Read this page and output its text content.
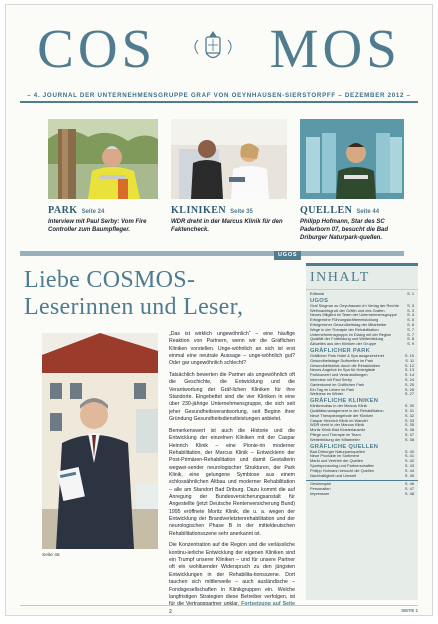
COS MOS
– 4. JOURNAL DER UNTERNEHMENSGRUPPE GRAF VON OEYNHAUSEN-SIERSTORPFF – DEZEMBER 2012 –
PARK Seite 24
Interview mit Paul Serby: Vom Fire Controller zum Baumpfleger.
KLINIKEN Seite 35
WDR dreht in der Marcus Klinik für den Faktencheck.
QUELLEN Seite 44
Philipp Hofmann, Star des SC Paderborn 07, besucht die Bad Driburger Naturpark-quellen.
UGOS
Liebe COSMOS-Leserinnen und Leser,
Seite 4ä

„Das ist wirklich ungewöhnlich“ – eine häufige Reaktion von Partnern, wenn wir die Gräflichen Kliniken vorstellen. Unge-wöhnlich an sich ist erst einmal eine neutrale Aussage – unge-wöhnlich gut? Oder gar ungewöhnlich schlecht?

Tatsächlich bewerten die Partner als ungewöhnlich oft die Geschichte, die Entwicklung und die Verantwortung der Gräf-lichen Kliniken für ihre Standorte. Eingebettet sind die vier Kliniken in eine über 230-jährige Unternehmensgruppe, die sich seit jeher Gesundheitsverantwortung, seit Beginn ihrer Gründung Gesundheitsdienstleistungen anbietet.

Bemerkenswert ist auch die Historie und die Entwicklung der einzelnen Kliniken mit der Caspar Heinrich Klinik – eine Pionie-rin moderner Rehabilitation, der Marcus Klinik – Entwicklerin der Post-Primären-Rehabilitation und damit Gestalterin wegwei-sender neurologischer Strukturen, der Park Klinik, eine gelungene Symbiose aus einem schlossähnlichen Altbau und moderner Rehabilitation – alle am Standort Bad Driburg. Dazu kommt die auf Anregung der Bundesversicherungsanstalt für Angestellte (jetzt Deutsche Rentenversicherung Bund) 1995 eröffnete Moritz Klinik, die u. a. wegen der Entwicklung der Brandverletztenrehabilitation und der neurologischen Phase B in der mitteldeutschen Rehabilitationsszene sehr anerkannt ist.

Die Konzentration auf die Region und die verlässliche kontinu-ierliche Entwicklung der eigenen Kliniken sind ein Trumpf unserer Kliniken – und für unsere Partner oft ein wohltuender Widerspruch zu den jüngsten Entwicklungen in der Rehabilita-tionsszene. Dort tauchen sich mittlerweile – auch ausländische – Fondsgesellschaften in Klinikgruppen ein. Welche langfristigen Strategien diese Betreiber verfolgen, ist für die Vertragspartner unklar. Fortsetzung auf Seite 2

INHALT
Editorial	S. 1
UGOS
Graf Siegmar zu Oeynhausen im Verlag der Rechte S. 3
Weihnachtsgruß der Gräfin und des Grafen	S. 3
Neues Mitglied im Team der Unternehmensgruppe	S. 4
Erfolgreiche Führungskräfteentwicklung	S. 5
Erfolgreicher Gesundheitstag der Mitarbeiter	S. 6
Wege in der Therapie der Rehabilitation	S. 7
Unternehmensgruppe im Dialog mit der Region	S. 7
Qualität der Fortbildung und Weiterbildung	S. 8
Aktuelles aus den Kliniken der Gruppe	S. 9
GRÄFLICHER PARK
Gräflicher Park Hotel & Spa ausgezeichnet	S. 10
Gesundheitstage Duftwelten im Park	S. 11
Gesundheitsblick durch die Rehakliniken	S. 12
Neues Angebot im Spa für Hotelgäste	S. 13
Parkkonzert und Veranstaltungen	S. 14
Interview mit Paul Serby	S. 24
Gartenkunst im Gräflichen Park	S. 25
Ein Tag im Leben im Park	S. 26
Wellness im Winter	S. 27
GRÄFLICHE KLINIKEN
Klinikneubau in der Marcus Klinik	S. 30
Qualitätsmanagement in der Rehabilitation	S. 31
Neue Therapieangebote der Kliniken	S. 32
Caspar Heinrich Klinik im Wandel	S. 33
WDR dreht in der Marcus Klinik	S. 35
Moritz Klinik Bad Klosterlausnitz	S. 36
Pflege und Therapie im Team	S. 37
Weiterbildung der Mitarbeiter	S. 38
GRÄFLICHE QUELLEN
Bad Driburger Naturparkquellen	S. 40
Neue Produkte im Sortiment	S. 41
Markt und Vertrieb der Quellen	S. 42
Sportsponsoring und Partnerschaften	S. 43
Philipp Hofmann besucht die Quellen	S. 44
Nachhaltigkeit und Umwelt	S. 45
Gewinnspiel	S. 46
Personalien	S. 47
Impressum	S. 48
SEITE 1
